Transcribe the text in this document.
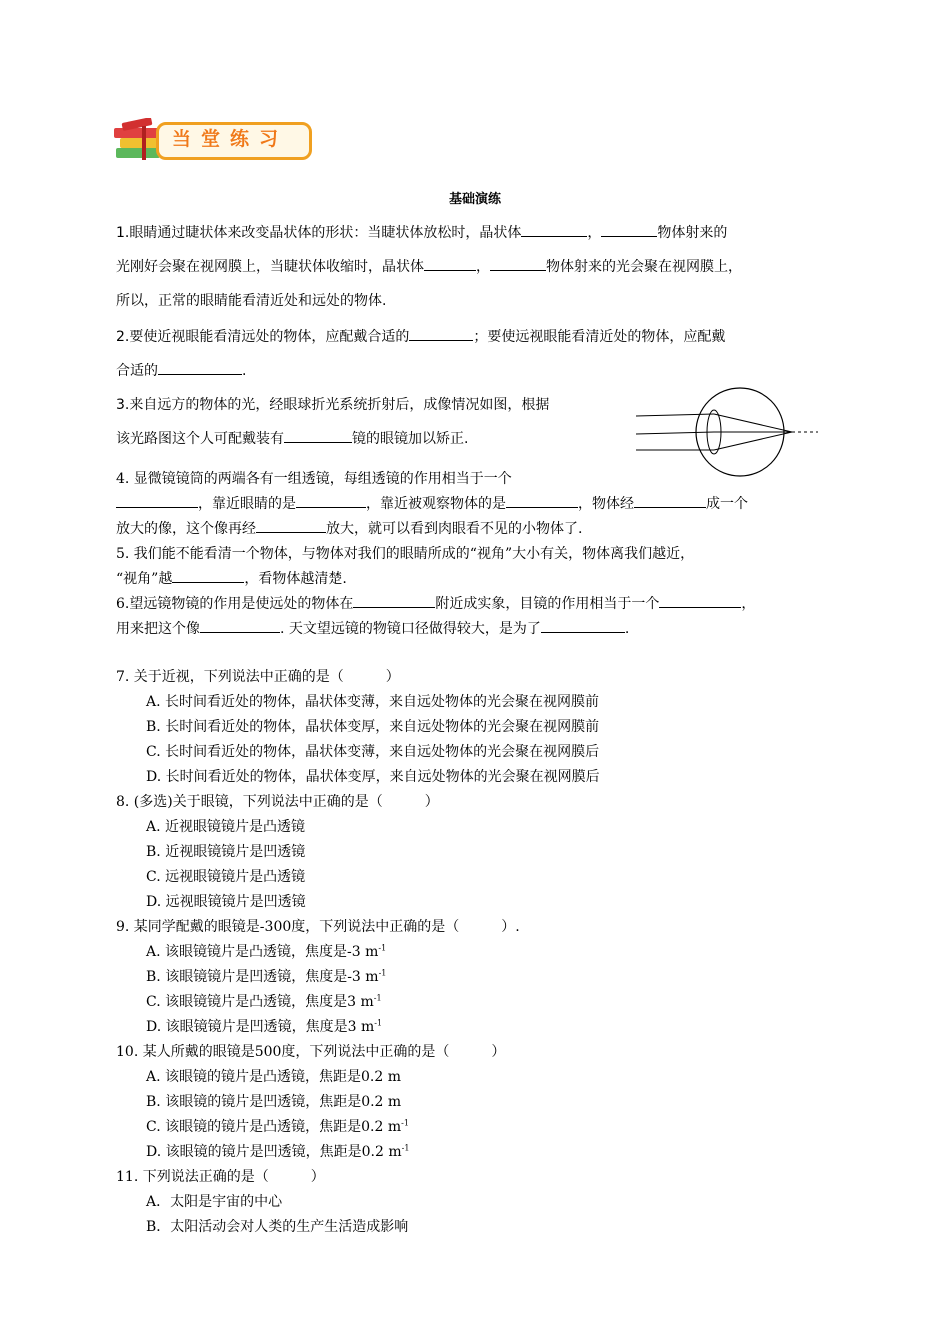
当堂练习
基础演练
1.眼睛通过睫状体来改变晶状体的形状：当睫状体放松时，晶状体	，	物体射来的
光刚好会聚在视网膜上，当睫状体收缩时，晶状体	，	物体射来的光会聚在视网膜上，
所以，正常的眼睛能看清近处和远处的物体.
2.要使近视眼能看清远处的物体，应配戴合适的	；要使远视眼能看清近处的物体，应配戴
合适的	.
3.来自远方的物体的光，经眼球折光系统折射后，成像情况如图，根据
该光路图这个人可配戴装有	镜的眼镜加以矫正.
4. 显微镜镜筒的两端各有一组透镜，每组透镜的作用相当于一个
，靠近眼睛的是	，靠近被观察物体的是	，物体经	成一个
放大的像，这个像再经	放大，就可以看到肉眼看不见的小物体了.
5. 我们能不能看清一个物体，与物体对我们的眼睛所成的“视角”大小有关，物体离我们越近，
“视角”越	，看物体越清楚.
6.望远镜物镜的作用是使远处的物体在	附近成实象，目镜的作用相当于一个	，
用来把这个像	. 天文望远镜的物镜口径做得较大，是为了	.
7. 关于近视，下列说法中正确的是（　　　）
A. 长时间看近处的物体，晶状体变薄，来自远处物体的光会聚在视网膜前
B. 长时间看近处的物体，晶状体变厚，来自远处物体的光会聚在视网膜前
C. 长时间看近处的物体，晶状体变薄，来自远处物体的光会聚在视网膜后
D. 长时间看近处的物体，晶状体变厚，来自远处物体的光会聚在视网膜后
8. (多选)关于眼镜，下列说法中正确的是（　　　）
A. 近视眼镜镜片是凸透镜
B. 近视眼镜镜片是凹透镜
C. 远视眼镜镜片是凸透镜
D. 远视眼镜镜片是凹透镜
9. 某同学配戴的眼镜是-300度，下列说法中正确的是（　　　）.
A. 该眼镜镜片是凸透镜，焦度是-3 $m^{-1}$
B. 该眼镜镜片是凹透镜，焦度是-3 $m^{-1}$
C. 该眼镜镜片是凸透镜，焦度是3 $m^{-1}$
D. 该眼镜镜片是凹透镜，焦度是3 $m^{-1}$
10. 某人所戴的眼镜是500度，下列说法中正确的是（　　　）
A. 该眼镜的镜片是凸透镜，焦距是0.2 m
B. 该眼镜的镜片是凹透镜，焦距是0.2 m
C. 该眼镜的镜片是凸透镜，焦距是0.2 $m^{-1}$
D. 该眼镜的镜片是凹透镜，焦距是0.2 $m^{-1}$
11. 下列说法正确的是（　　　）
A．太阳是宇宙的中心
B．太阳活动会对人类的生产生活造成影响
